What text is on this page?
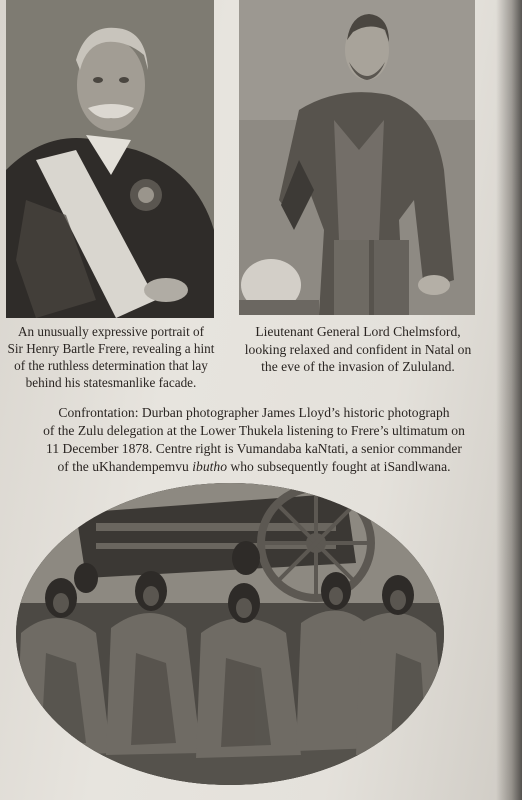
An unusually expressive portrait of
Sir Henry Bartle Frere, revealing a hint
of the ruthless determination that lay
behind his statesmanlike facade.
Lieutenant General Lord Chelmsford,
looking relaxed and confident in Natal on
the eve of the invasion of Zululand.
Confrontation: Durban photographer James Lloyd’s historic photograph
of the Zulu delegation at the Lower Thukela listening to Frere’s ultimatum on
11 December 1878. Centre right is Vumandaba kaNtati, a senior commander
of the uKhandempemvu ibutho who subsequently fought at iSandlwana.
